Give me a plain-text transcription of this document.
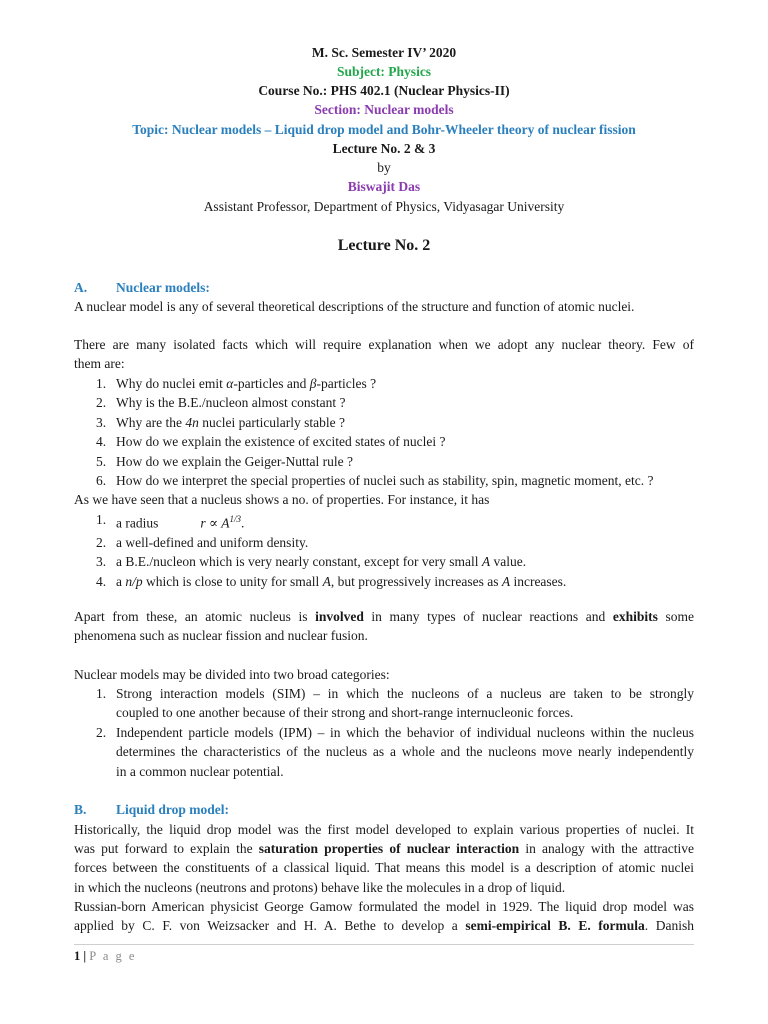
M. Sc. Semester IV’ 2020
Subject: Physics
Course No.: PHS 402.1 (Nuclear Physics-II)
Section: Nuclear models
Topic: Nuclear models – Liquid drop model and Bohr-Wheeler theory of nuclear fission
Lecture No. 2 & 3
by
Biswajit Das
Assistant Professor, Department of Physics, Vidyasagar University
Lecture No. 2
A. Nuclear models:
A nuclear model is any of several theoretical descriptions of the structure and function of atomic nuclei.
There are many isolated facts which will require explanation when we adopt any nuclear theory. Few of
them are:
1. Why do nuclei emit α-particles and β-particles ?
2. Why is the B.E./nucleon almost constant ?
3. Why are the 4n nuclei particularly stable ?
4. How do we explain the existence of excited states of nuclei ?
5. How do we explain the Geiger-Nuttal rule ?
6. How do we interpret the special properties of nuclei such as stability, spin, magnetic moment, etc. ?
As we have seen that a nucleus shows a no. of properties. For instance, it has
1. a radius	$r \propto A^{1/3}$.
2. a well-defined and uniform density.
3. a B.E./nucleon which is very nearly constant, except for very small A value.
4. a n/p which is close to unity for small A, but progressively increases as A increases.
Apart from these, an atomic nucleus is involved in many types of nuclear reactions and exhibits some
phenomena such as nuclear fission and nuclear fusion.
Nuclear models may be divided into two broad categories:
1. Strong interaction models (SIM) – in which the nucleons of a nucleus are taken to be strongly
coupled to one another because of their strong and short-range internucleonic forces.
2. Independent particle models (IPM) – in which the behavior of individual nucleons within the nucleus
determines the characteristics of the nucleus as a whole and the nucleons move nearly independently
in a common nuclear potential.
B. Liquid drop model:
Historically, the liquid drop model was the first model developed to explain various properties of nuclei. It
was put forward to explain the saturation properties of nuclear interaction in analogy with the attractive
forces between the constituents of a classical liquid. That means this model is a description of atomic nuclei
in which the nucleons (neutrons and protons) behave like the molecules in a drop of liquid.
Russian-born American physicist George Gamow formulated the model in 1929. The liquid drop model was
applied by C. F. von Weizsacker and H. A. Bethe to develop a semi-empirical B. E. formula. Danish
1 | P a g e
